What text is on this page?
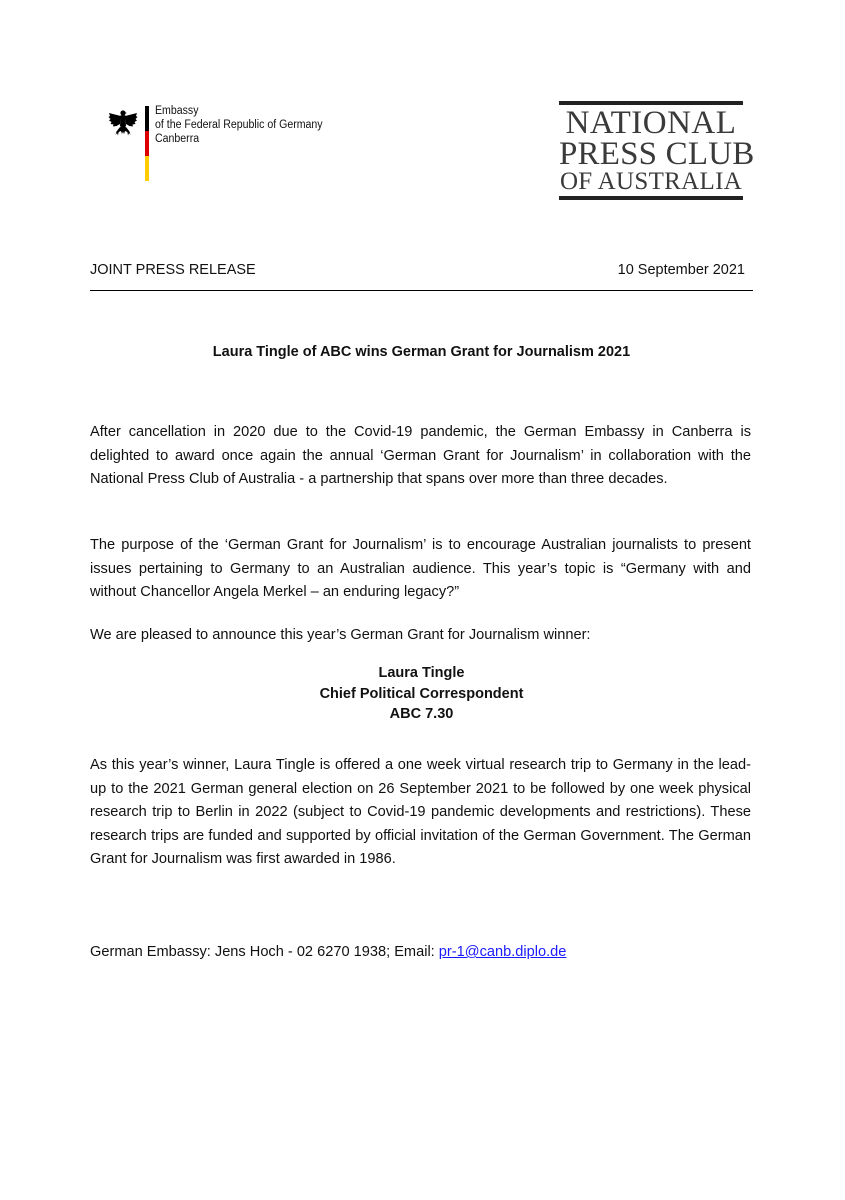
Embassy
of the Federal Republic of Germany
Canberra	NATIONAL
PRESS CLUB
OF AUSTRALIA
JOINT PRESS RELEASE	10 September 2021
Laura Tingle of ABC wins German Grant for Journalism 2021
After cancellation in 2020 due to the Covid-19 pandemic, the German Embassy in Canberra is delighted to award once again the annual ‘German Grant for Journalism’ in collaboration with the National Press Club of Australia - a partnership that spans over more than three decades.
The purpose of the ‘German Grant for Journalism’ is to encourage Australian journalists to present issues pertaining to Germany to an Australian audience. This year’s topic is “Germany with and without Chancellor Angela Merkel – an enduring legacy?”
We are pleased to announce this year’s German Grant for Journalism winner:
Laura Tingle
Chief Political Correspondent
ABC 7.30
As this year’s winner, Laura Tingle is offered a one week virtual research trip to Germany in the lead-up to the 2021 German general election on 26 September 2021 to be followed by one week physical research trip to Berlin in 2022 (subject to Covid-19 pandemic developments and restrictions). These research trips are funded and supported by official invitation of the German Government. The German Grant for Journalism was first awarded in 1986.
German Embassy: Jens Hoch - 02 6270 1938; Email: pr-1@canb.diplo.de
